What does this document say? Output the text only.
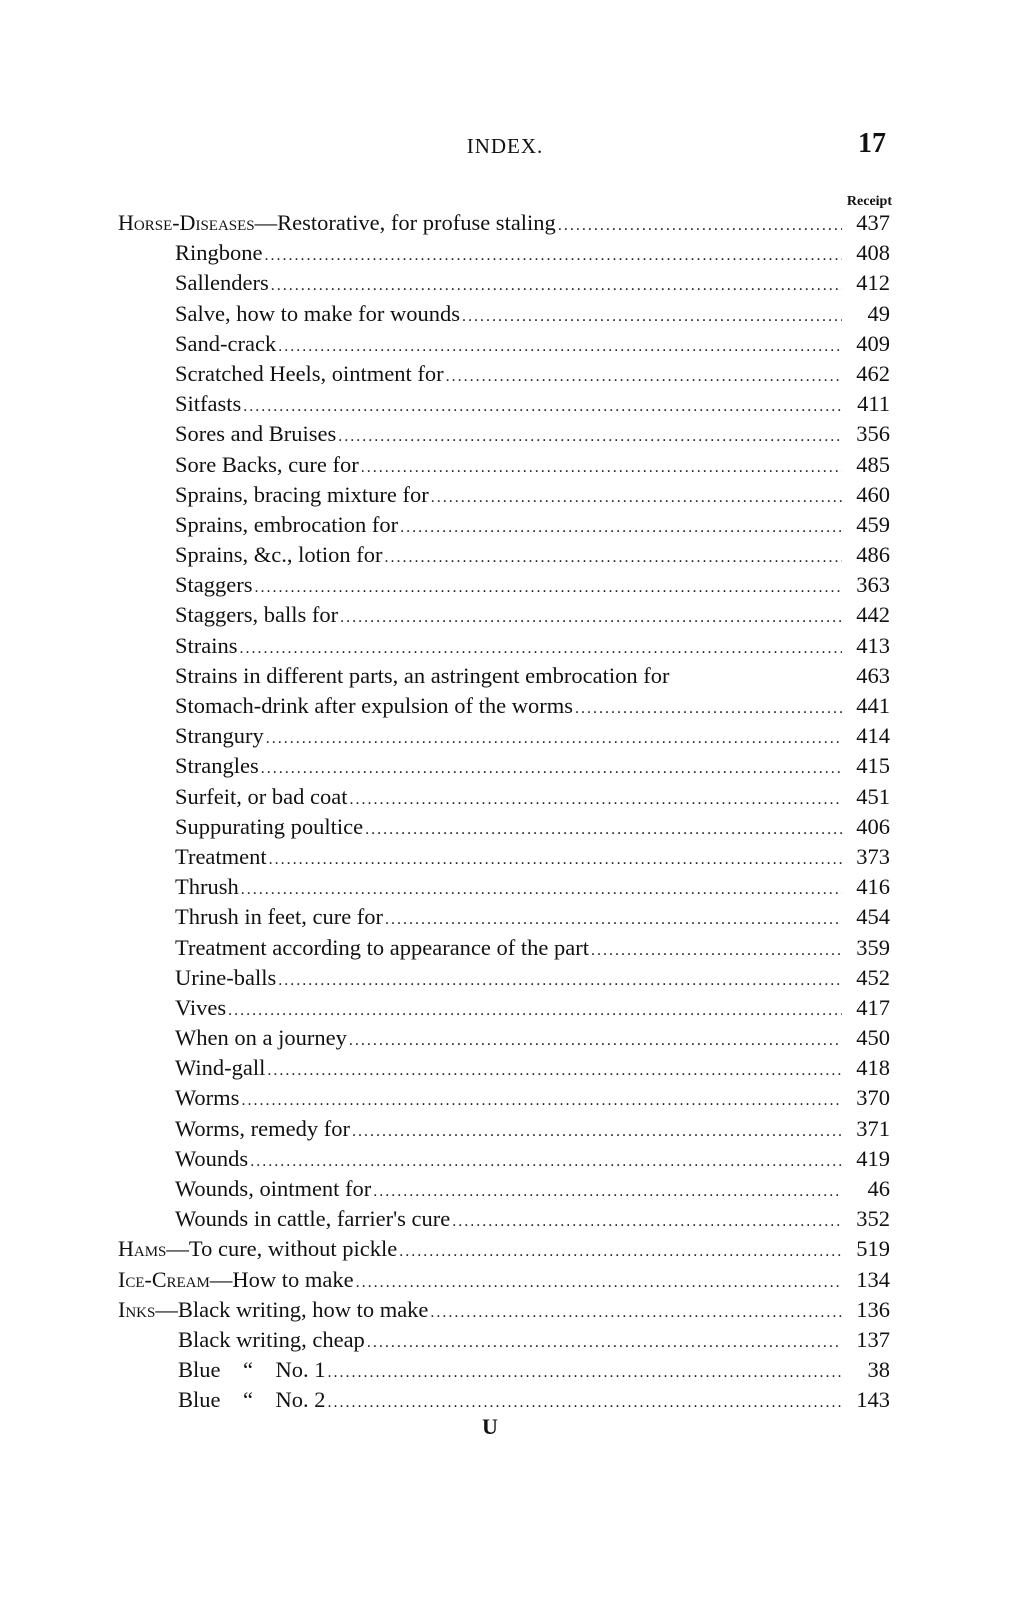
INDEX.	17
Receipt
Horse-Diseases—Restorative, for profuse staling .....	437
Ringbone .....	408
Sallenders .....	412
Salve, how to make for wounds .....	49
Sand-crack .....	409
Scratched Heels, ointment for .....	462
Sitfasts .....	411
Sores and Bruises .....	356
Sore Backs, cure for .....	485
Sprains, bracing mixture for .....	460
Sprains, embrocation for .....	459
Sprains, &c., lotion for .....	486
Staggers .....	363
Staggers, balls for .....	442
Strains .....	413
Strains in different parts, an astringent embrocation for	463
Stomach-drink after expulsion of the worms .....	441
Strangury .....	414
Strangles .....	415
Surfeit, or bad coat .....	451
Suppurating poultice .....	406
Treatment .....	373
Thrush .....	416
Thrush in feet, cure for .....	454
Treatment according to appearance of the part .....	359
Urine-balls .....	452
Vives .....	417
When on a journey .....	450
Wind-gall .....	418
Worms .....	370
Worms, remedy for .....	371
Wounds .....	419
Wounds, ointment for .....	46
Wounds in cattle, farrier's cure .....	352
Hams—To cure, without pickle .....	519
Ice-Cream—How to make .....	134
Inks—Black writing, how to make .....	136
Black writing, cheap .....	137
Blue    “    No. 1 .....	38
Blue    “    No. 2 .....	143
U
